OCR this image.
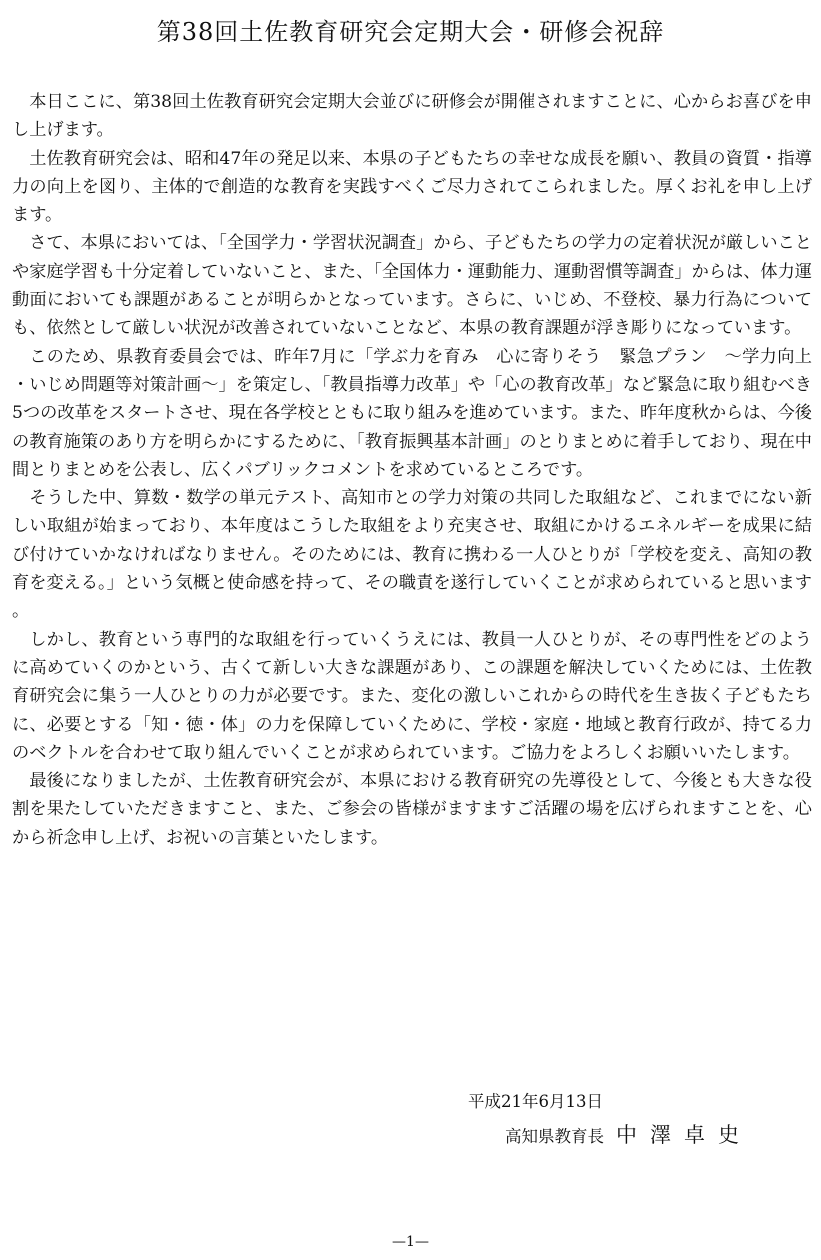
第38回土佐教育研究会定期大会・研修会祝辞

本日ここに、第38回土佐教育研究会定期大会並びに研修会が開催されますことに、心からお喜びを申し上げます。

土佐教育研究会は、昭和47年の発足以来、本県の子どもたちの幸せな成長を願い、教員の資質・指導力の向上を図り、主体的で創造的な教育を実践すべくご尽力されてこられました。厚くお礼を申し上げます。

さて、本県においては、「全国学力・学習状況調査」から、子どもたちの学力の定着状況が厳しいことや家庭学習も十分定着していないこと、また、「全国体力・運動能力、運動習慣等調査」からは、体力運動面においても課題があることが明らかとなっています。さらに、いじめ、不登校、暴力行為についても、依然として厳しい状況が改善されていないことなど、本県の教育課題が浮き彫りになっています。

このため、県教育委員会では、昨年7月に「学ぶ力を育み　心に寄りそう　緊急プラン　～学力向上・いじめ問題等対策計画～」を策定し、「教員指導力改革」や「心の教育改革」など緊急に取り組むべき5つの改革をスタートさせ、現在各学校とともに取り組みを進めています。また、昨年度秋からは、今後の教育施策のあり方を明らかにするために、「教育振興基本計画」のとりまとめに着手しており、現在中間とりまとめを公表し、広くパブリックコメントを求めているところです。

そうした中、算数・数学の単元テスト、高知市との学力対策の共同した取組など、これまでにない新しい取組が始まっており、本年度はこうした取組をより充実させ、取組にかけるエネルギーを成果に結び付けていかなければなりません。そのためには、教育に携わる一人ひとりが「学校を変え、高知の教育を変える。」という気概と使命感を持って、その職責を遂行していくことが求められていると思います。

しかし、教育という専門的な取組を行っていくうえには、教員一人ひとりが、その専門性をどのように高めていくのかという、古くて新しい大きな課題があり、この課題を解決していくためには、土佐教育研究会に集う一人ひとりの力が必要です。また、変化の激しいこれからの時代を生き抜く子どもたちに、必要とする「知・徳・体」の力を保障していくために、学校・家庭・地域と教育行政が、持てる力のベクトルを合わせて取り組んでいくことが求められています。ご協力をよろしくお願いいたします。

最後になりましたが、土佐教育研究会が、本県における教育研究の先導役として、今後とも大きな役割を果たしていただきますこと、また、ご参会の皆様がますますご活躍の場を広げられますことを、心から祈念申し上げ、お祝いの言葉といたします。

平成21年6月13日
高知県教育長 中澤卓史
—1—
